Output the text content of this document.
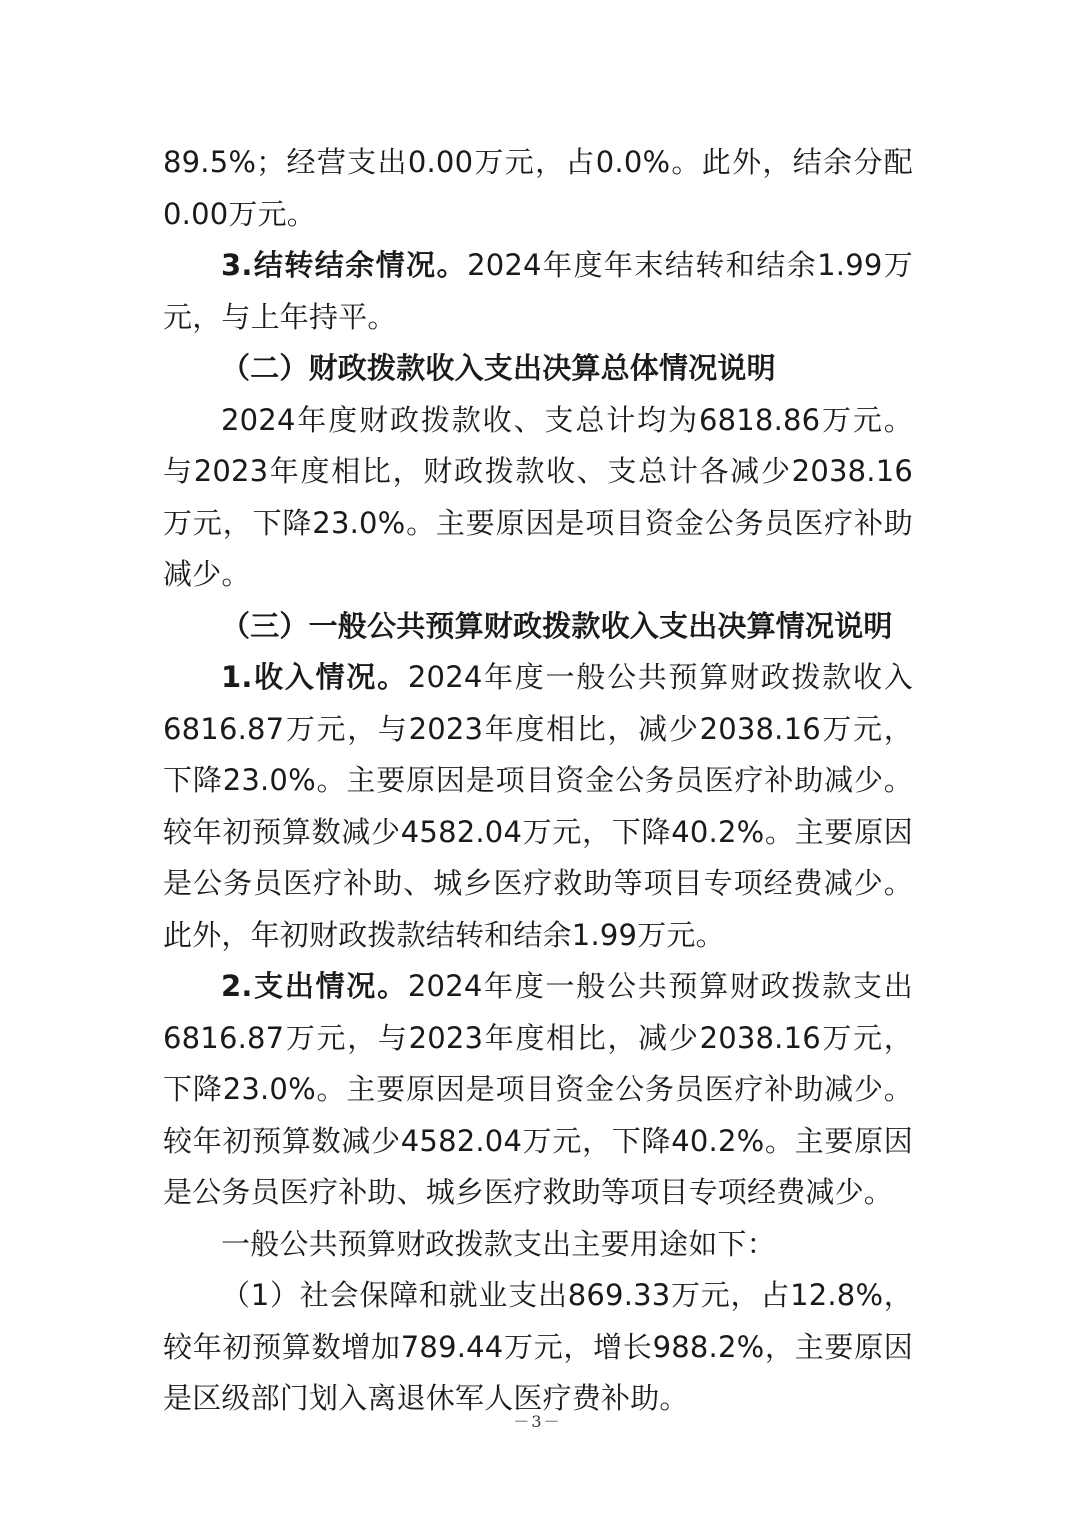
89.5%；经营支出0.00万元，占0.0%。此外，结余分配0.00万元。

3.结转结余情况。2024年度年末结转和结余1.99万元，与上年持平。

（二）财政拨款收入支出决算总体情况说明

2024年度财政拨款收、支总计均为6818.86万元。与2023年度相比，财政拨款收、支总计各减少2038.16万元，下降23.0%。主要原因是项目资金公务员医疗补助减少。

（三）一般公共预算财政拨款收入支出决算情况说明

1.收入情况。2024年度一般公共预算财政拨款收入6816.87万元，与2023年度相比，减少2038.16万元，下降23.0%。主要原因是项目资金公务员医疗补助减少。较年初预算数减少4582.04万元，下降40.2%。主要原因是公务员医疗补助、城乡医疗救助等项目专项经费减少。此外，年初财政拨款结转和结余1.99万元。

2.支出情况。2024年度一般公共预算财政拨款支出6816.87万元，与2023年度相比，减少2038.16万元，下降23.0%。主要原因是项目资金公务员医疗补助减少。较年初预算数减少4582.04万元，下降40.2%。主要原因是公务员医疗补助、城乡医疗救助等项目专项经费减少。

一般公共预算财政拨款支出主要用途如下：

（1）社会保障和就业支出869.33万元，占12.8%，较年初预算数增加789.44万元，增长988.2%，主要原因是区级部门划入离退休军人医疗费补助。

－3－
